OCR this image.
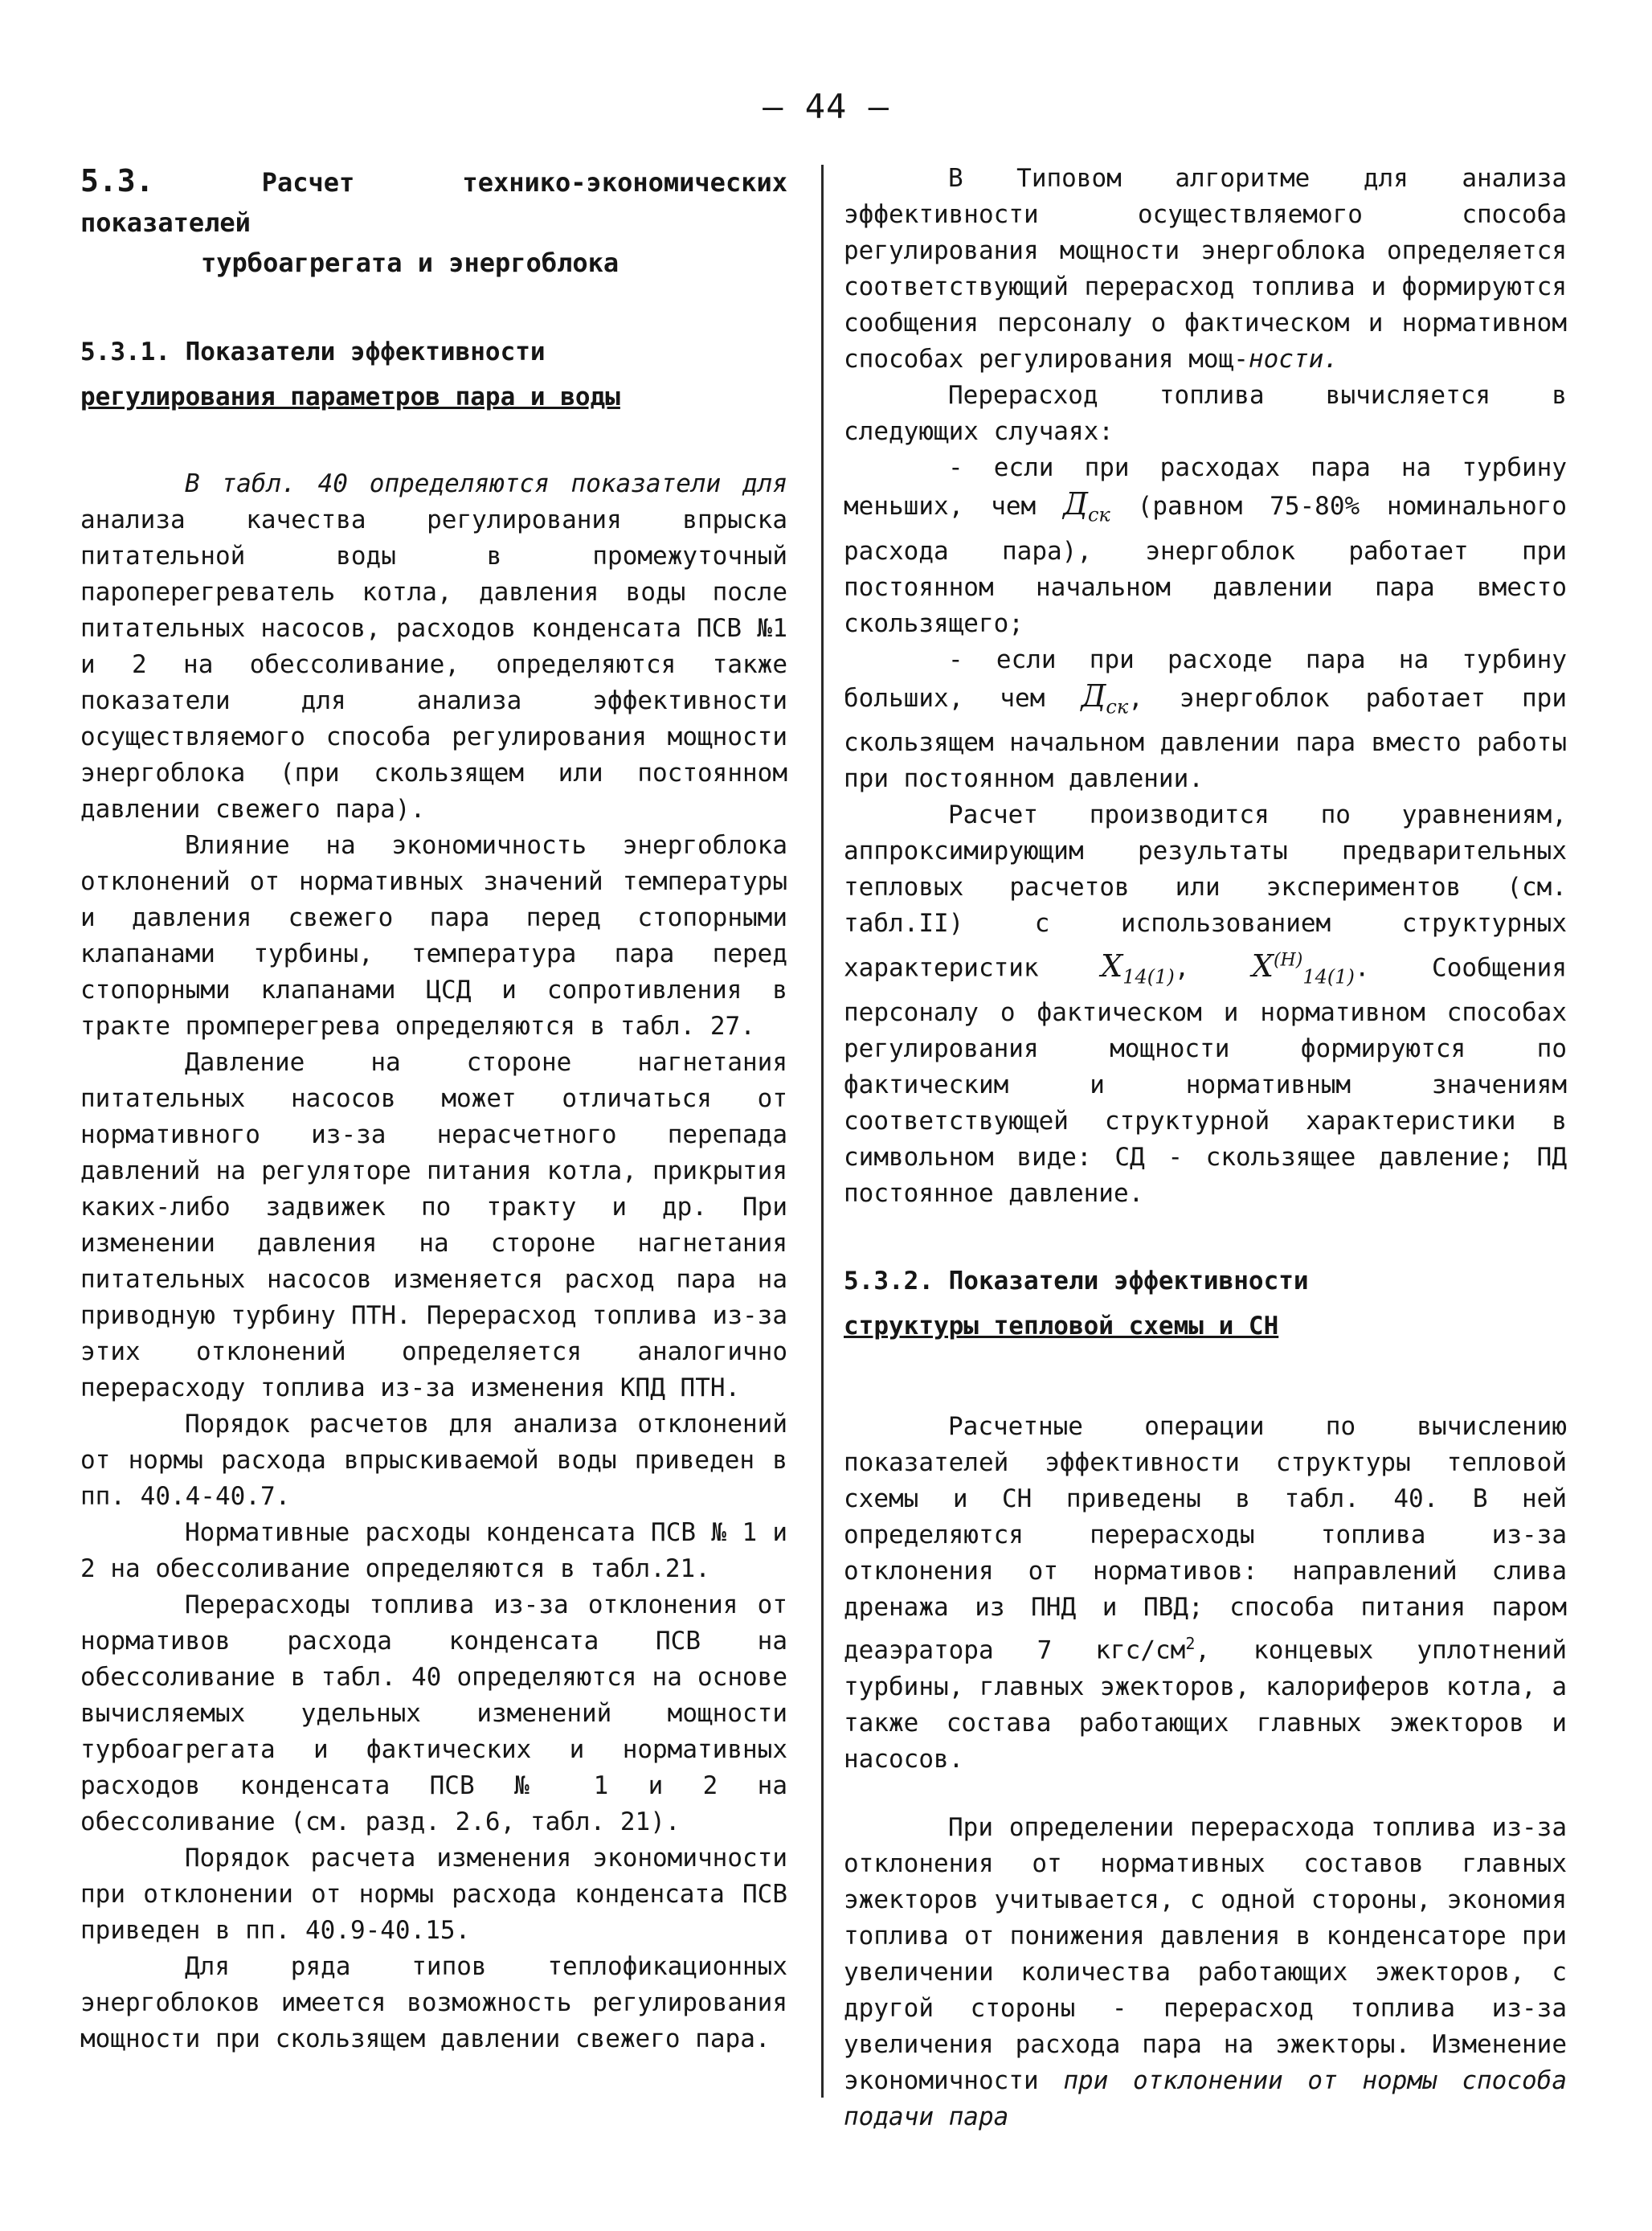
– 44 –

5.3.	Расчет технико-экономических показателей
турбоагрегата и энергоблока

5.3.1. Показатели эффективности
регулирования параметров пара и воды

В табл. 40 определяются показатели для анализа качества регулирования впрыска питательной воды в промежуточный пароперегреватель котла, давления воды после питательных насосов, расходов конденсата ПСВ №1 и 2 на обессоливание, определяются также показатели для анализа эффективности осуществляемого способа регулирования мощности энергоблока (при скользящем или постоянном давлении свежего пара).

Влияние на экономичность энергоблока отклонений от нормативных значений температуры и давления свежего пара перед стопорными клапанами турбины, температура пара перед стопорными клапанами ЦСД и сопротивления в тракте промперегрева определяются в табл. 27.

Давление на стороне нагнетания питательных насосов может отличаться от нормативного из-за нерасчетного перепада давлений на регуляторе питания котла, прикрытия каких-либо задвижек по тракту и др. При изменении давления на стороне нагнетания питательных насосов изменяется расход пара на приводную турбину ПТН. Перерасход топлива из-за этих отклонений определяется аналогично перерасходу топлива из-за изменения КПД ПТН.

Порядок расчетов для анализа отклонений от нормы расхода впрыскиваемой воды приведен в пп. 40.4-40.7.

Нормативные расходы конденсата ПСВ № 1 и 2 на обессоливание определяются в табл.21.

Перерасходы топлива из-за отклонения от нормативов расхода конденсата ПСВ на обессоливание в табл. 40 определяются на основе вычисляемых удельных изменений мощности турбоагрегата и фактических и нормативных расходов конденсата ПСВ № 1 и 2 на обессоливание (см. разд. 2.6, табл. 21).

Порядок расчета изменения экономичности при отклонении от нормы расхода конденсата ПСВ приведен в пп. 40.9-40.15.

Для ряда типов теплофикационных энергоблоков имеется возможность регулирования мощности при скользящем давлении свежего пара.

В Типовом алгоритме для анализа эффективности осуществляемого способа регулирования мощности энергоблока определяется соответствующий перерасход топлива и формируются сообщения персоналу о фактическом и нормативном способах регулирования мощ-ности.

Перерасход топлива вычисляется в следующих случаях:

- если при расходах пара на турбину меньших, чем $Д_{ск}$ (равном 75-80% номинального расхода пара), энергоблок работает при постоянном начальном давлении пара вместо скользящего;

- если при расходе пара на турбину больших, чем $Д_{ск}$, энергоблок работает при скользящем начальном давлении пара вместо работы при постоянном давлении.

Расчет производится по уравнениям, аппроксимирующим результаты предварительных тепловых расчетов или экспериментов (см. табл.II) с использованием структурных характеристик $X_{14(1)}$, $X^{(Н)}_{14(1)}$. Сообщения персоналу о фактическом и нормативном способах регулирования мощности формируются по фактическим и нормативным значениям соответствующей структурной характеристики в символьном виде: СД - скользящее давление; ПД постоянное давление.

5.3.2. Показатели эффективности
структуры тепловой схемы и СН

Расчетные операции по вычислению показателей эффективности структуры тепловой схемы и СН приведены в табл. 40. В ней определяются перерасходы топлива из-за отклонения от нормативов: направлений слива дренажа из ПНД и ПВД; способа питания паром деаэратора 7 кгс/$см^2$, концевых уплотнений турбины, главных эжекторов, калориферов котла, а также состава работающих главных эжекторов и насосов.

При определении перерасхода топлива из-за отклонения от нормативных составов главных эжекторов учитывается, с одной стороны, экономия топлива от понижения давления в конденсаторе при увеличении количества работающих эжекторов, с другой стороны - перерасход топлива из-за увеличения расхода пара на эжекторы. Изменение экономичности при отклонении от нормы способа подачи пара
